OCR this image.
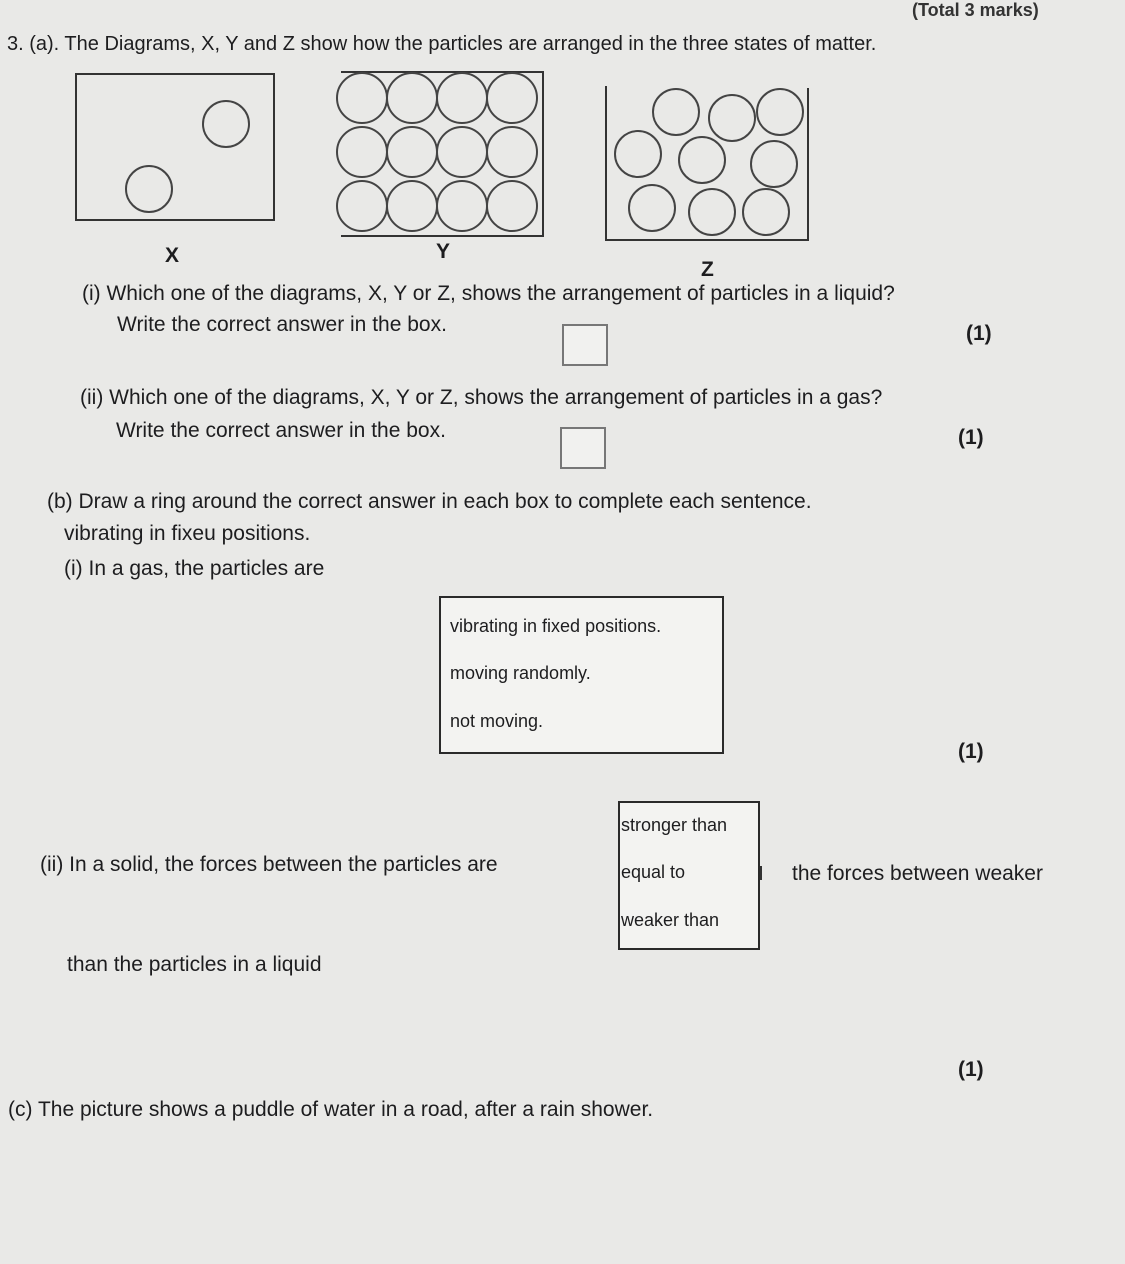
(Total 3 marks)
3. (a). The Diagrams, X, Y and Z show how the particles are arranged in the three states of matter.
X	Y
Z
(i) Which one of the diagrams, X, Y or Z, shows the arrangement of particles in a liquid?
Write the correct answer in the box.	(1)
(ii) Which one of the diagrams, X, Y or Z, shows the arrangement of particles in a gas?
Write the correct answer in the box.	(1)
(b) Draw a ring around the correct answer in each box to complete each sentence.
vibrating in fixeu positions.
(i) In a gas, the particles are
vibrating in fixed positions.
moving randomly.
not moving.
(1)
(ii) In a solid, the forces between the particles are
stronger than
equal to
weaker than
the forces between weaker
than the particles in a liquid
(1)
(c) The picture shows a puddle of water in a road, after a rain shower.
